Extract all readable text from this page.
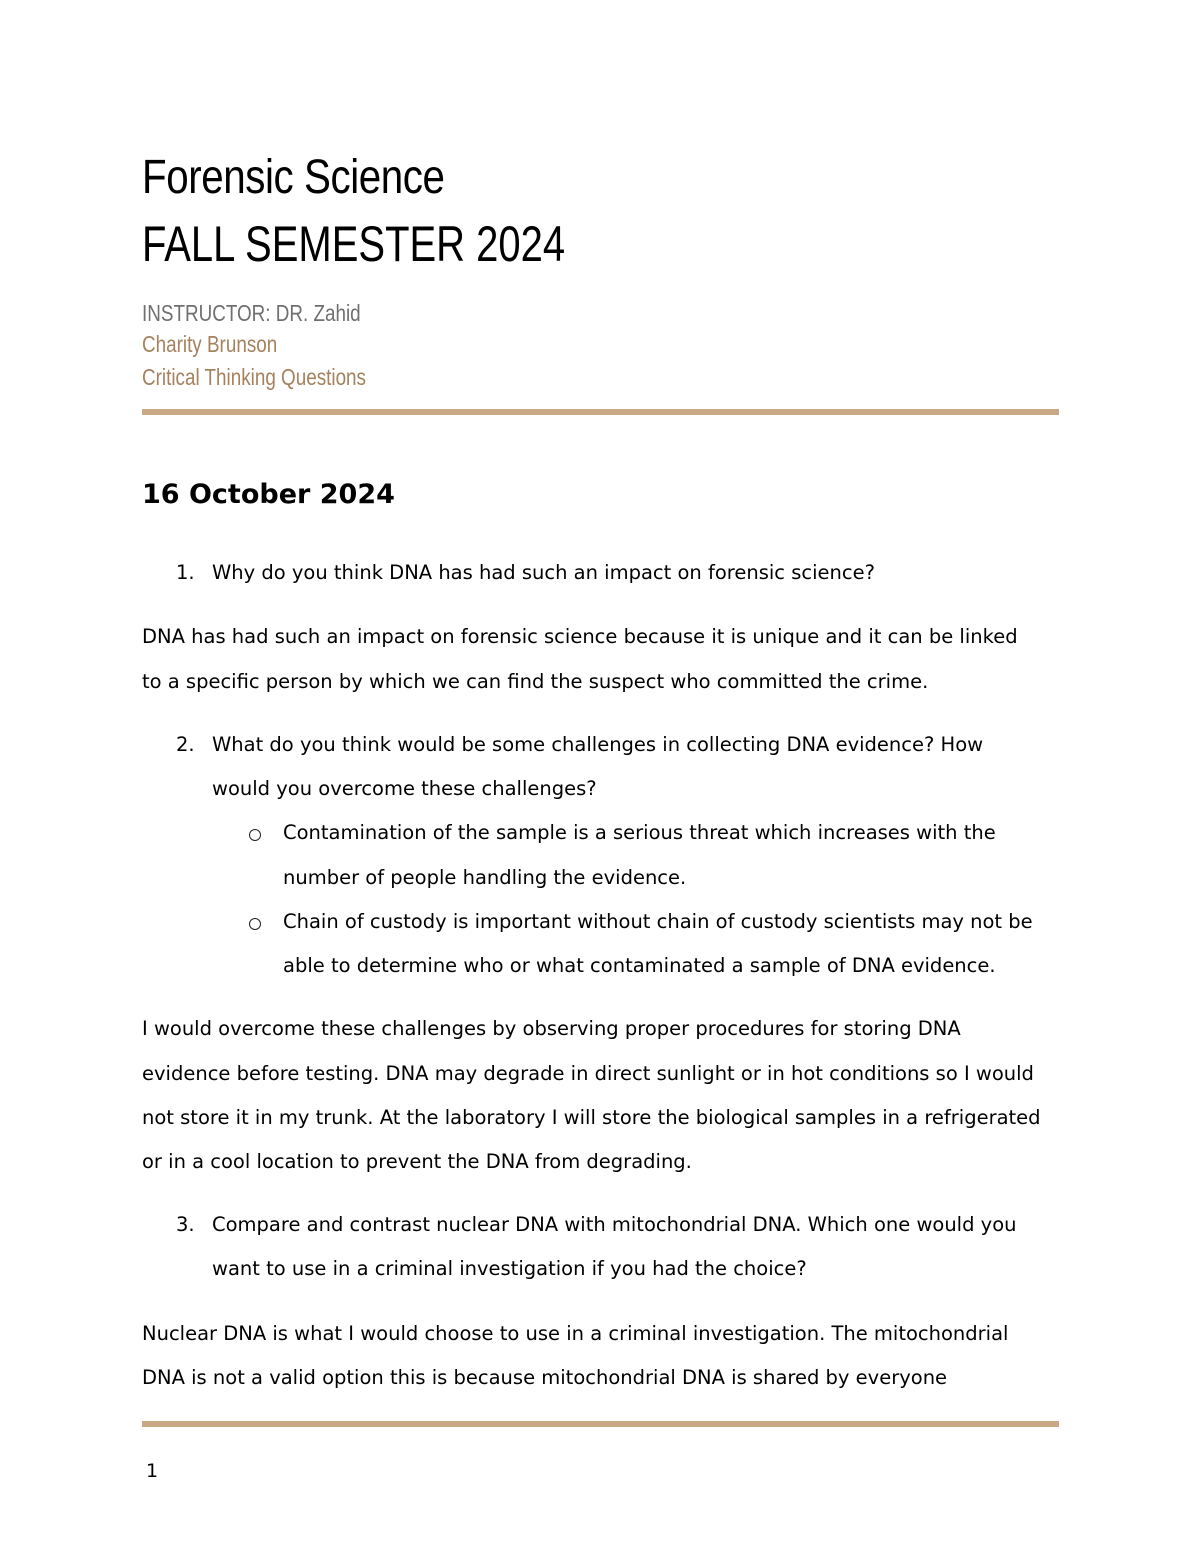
Forensic Science
FALL SEMESTER 2024
INSTRUCTOR: DR. Zahid
Charity Brunson
Critical Thinking Questions
16 October 2024
1. Why do you think DNA has had such an impact on forensic science?
DNA has had such an impact on forensic science because it is unique and it can be linked
to a specific person by which we can find the suspect who committed the crime.
2. What do you think would be some challenges in collecting DNA evidence? How
would you overcome these challenges?
Contamination of the sample is a serious threat which increases with the
number of people handling the evidence.
Chain of custody is important without chain of custody scientists may not be
able to determine who or what contaminated a sample of DNA evidence.
I would overcome these challenges by observing proper procedures for storing DNA
evidence before testing. DNA may degrade in direct sunlight or in hot conditions so I would
not store it in my trunk. At the laboratory I will store the biological samples in a refrigerated
or in a cool location to prevent the DNA from degrading.
3. Compare and contrast nuclear DNA with mitochondrial DNA. Which one would you
want to use in a criminal investigation if you had the choice?
Nuclear DNA is what I would choose to use in a criminal investigation. The mitochondrial
DNA is not a valid option this is because mitochondrial DNA is shared by everyone
1
